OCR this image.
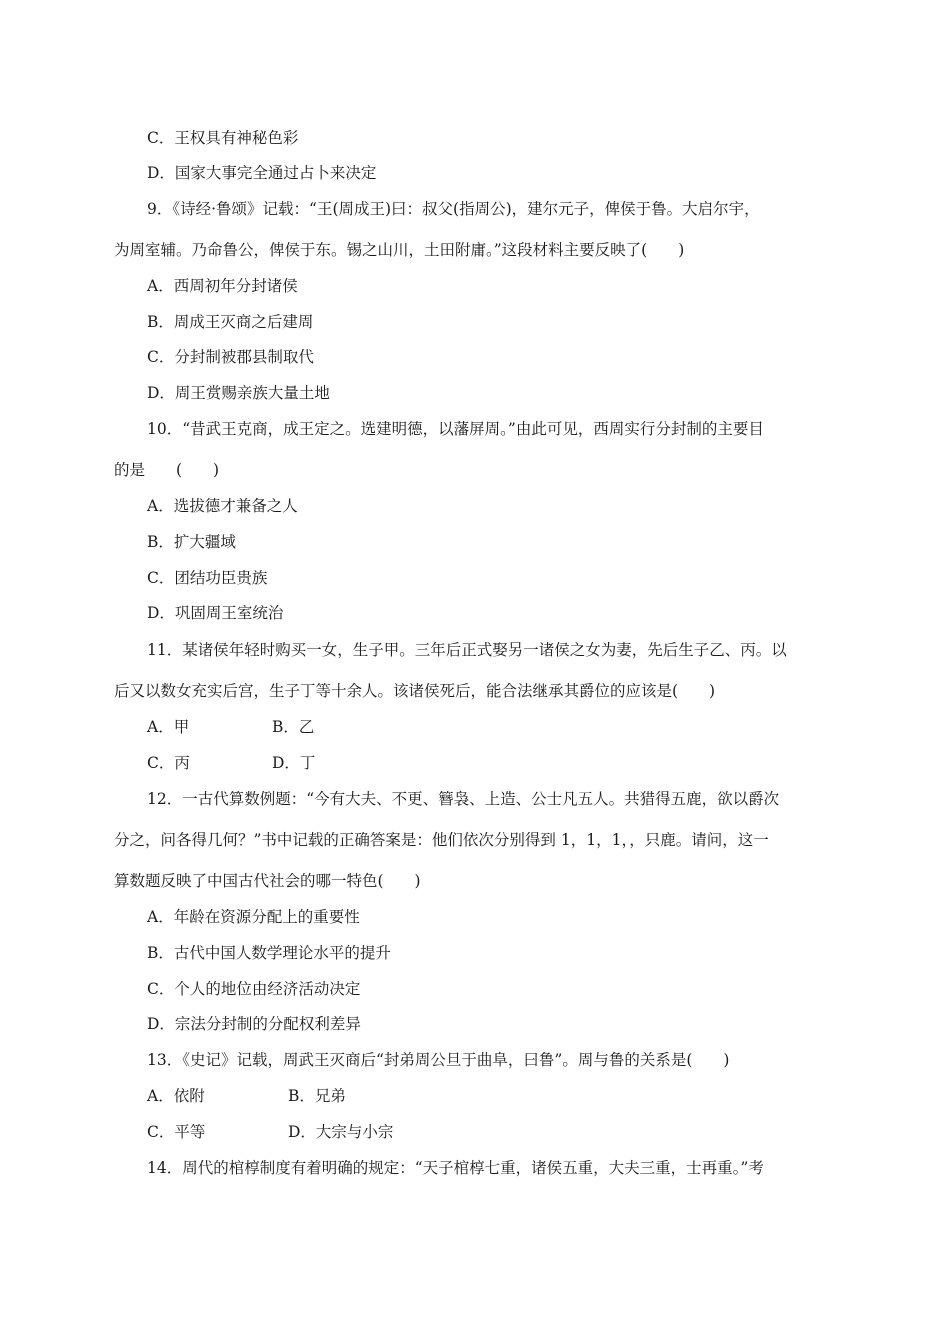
C．王权具有神秘色彩
D．国家大事完全通过占卜来决定
9．《诗经·鲁颂》记载：“王(周成王)曰：叔父(指周公)，建尔元子，俾侯于鲁。大启尔宇，
为周室辅。乃命鲁公，俾侯于东。锡之山川，土田附庸。”这段材料主要反映了(　　)
A．西周初年分封诸侯
B．周成王灭商之后建周
C．分封制被郡县制取代
D．周王赏赐亲族大量土地
10．“昔武王克商，成王定之。选建明德，以藩屏周。”由此可见，西周实行分封制的主要目
的是　　(　　)
A．选拔德才兼备之人
B．扩大疆域
C．团结功臣贵族
D．巩固周王室统治
11．某诸侯年轻时购买一女，生子甲。三年后正式娶另一诸侯之女为妻，先后生子乙、丙。以
后又以数女充实后宫，生子丁等十余人。该诸侯死后，能合法继承其爵位的应该是(　　)
A．甲	B．乙
C．丙	D．丁
12．一古代算数例题：“今有大夫、不更、簪袅、上造、公士凡五人。共猎得五鹿，欲以爵次
分之，问各得几何？”书中记载的正确答案是：他们依次分别得到 1，1，1，，只鹿。请问，这一
算数题反映了中国古代社会的哪一特色(　　)
A．年龄在资源分配上的重要性
B．古代中国人数学理论水平的提升
C．个人的地位由经济活动决定
D．宗法分封制的分配权利差异
13．《史记》记载，周武王灭商后“封弟周公旦于曲阜，曰鲁”。周与鲁的关系是(　　)
A．依附	B．兄弟
C．平等	D．大宗与小宗
14．周代的棺椁制度有着明确的规定：“天子棺椁七重，诸侯五重，大夫三重，士再重。”考
